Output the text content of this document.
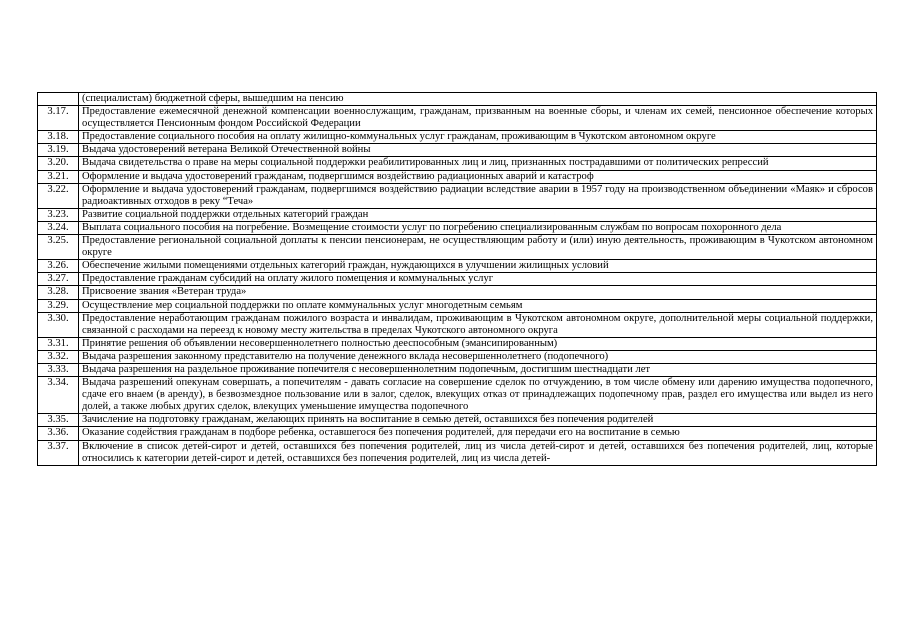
	(специалистам) бюджетной сферы, вышедшим на пенсию
3.17.	Предоставление ежемесячной денежной компенсации военнослужащим, гражданам, призванным на военные сборы, и членам их семей, пенсионное обеспечение которых осуществляется Пенсионным фондом Российской Федерации
3.18.	Предоставление социального пособия на оплату жилищно-коммунальных услуг гражданам, проживающим в Чукотском автономном округе
3.19.	Выдача удостоверений ветерана Великой Отечественной войны
3.20.	Выдача свидетельства о праве на меры социальной поддержки реабилитированных лиц и лиц, признанных пострадавшими от политических репрессий
3.21.	Оформление и выдача удостоверений гражданам, подвергшимся воздействию радиационных аварий и катастроф
3.22.	Оформление и выдача удостоверений гражданам, подвергшимся воздействию радиации вследствие аварии в 1957 году на производственном объединении «Маяк» и сбросов радиоактивных отходов в реку “Теча»
3.23.	Развитие социальной поддержки отдельных категорий граждан
3.24.	Выплата социального пособия на погребение. Возмещение стоимости услуг по погребению специализированным службам по вопросам похоронного дела
3.25.	Предоставление региональной социальной доплаты к пенсии пенсионерам, не осуществляющим работу и (или) иную деятельность, проживающим в Чукотском автономном округе
3.26.	Обеспечение жилыми помещениями отдельных категорий граждан, нуждающихся в улучшении жилищных условий
3.27.	Предоставление гражданам субсидий на оплату жилого помещения и коммунальных услуг
3.28.	Присвоение звания «Ветеран труда»
3.29.	Осуществление мер социальной поддержки по оплате коммунальных услуг многодетным семьям
3.30.	Предоставление неработающим гражданам пожилого возраста и инвалидам, проживающим в Чукотском автономном округе, дополнительной меры социальной поддержки, связанной с расходами на переезд к новому месту жительства в пределах Чукотского автономного округа
3.31.	Принятие решения об объявлении несовершеннолетнего полностью дееспособным (эмансипированным)
3.32.	Выдача разрешения законному представителю на получение денежного вклада несовершеннолетнего (подопечного)
3.33.	Выдача разрешения на раздельное проживание попечителя с несовершеннолетним подопечным, достигшим шестнадцати лет
3.34.	Выдача разрешений опекунам совершать, а попечителям - давать согласие на совершение сделок по отчуждению, в том числе обмену или дарению имущества подопечного, сдаче его внаем (в аренду), в безвозмездное пользование или в залог, сделок, влекущих отказ от принадлежащих подопечному прав, раздел его имущества или выдел из него долей, а также любых других сделок, влекущих уменьшение имущества подопечного
3.35.	Зачисление на подготовку гражданам, желающих принять на воспитание в семью детей, оставшихся без попечения родителей
3.36.	Оказание содействия гражданам в подборе ребенка, оставшегося без попечения родителей, для передачи его на воспитание в семью
3.37.	Включение в список детей-сирот и детей, оставшихся без попечения родителей, лиц из числа детей-сирот и детей, оставшихся без попечения родителей, лиц, которые относились к категории детей-сирот и детей, оставшихся без попечения родителей, лиц из числа детей-
